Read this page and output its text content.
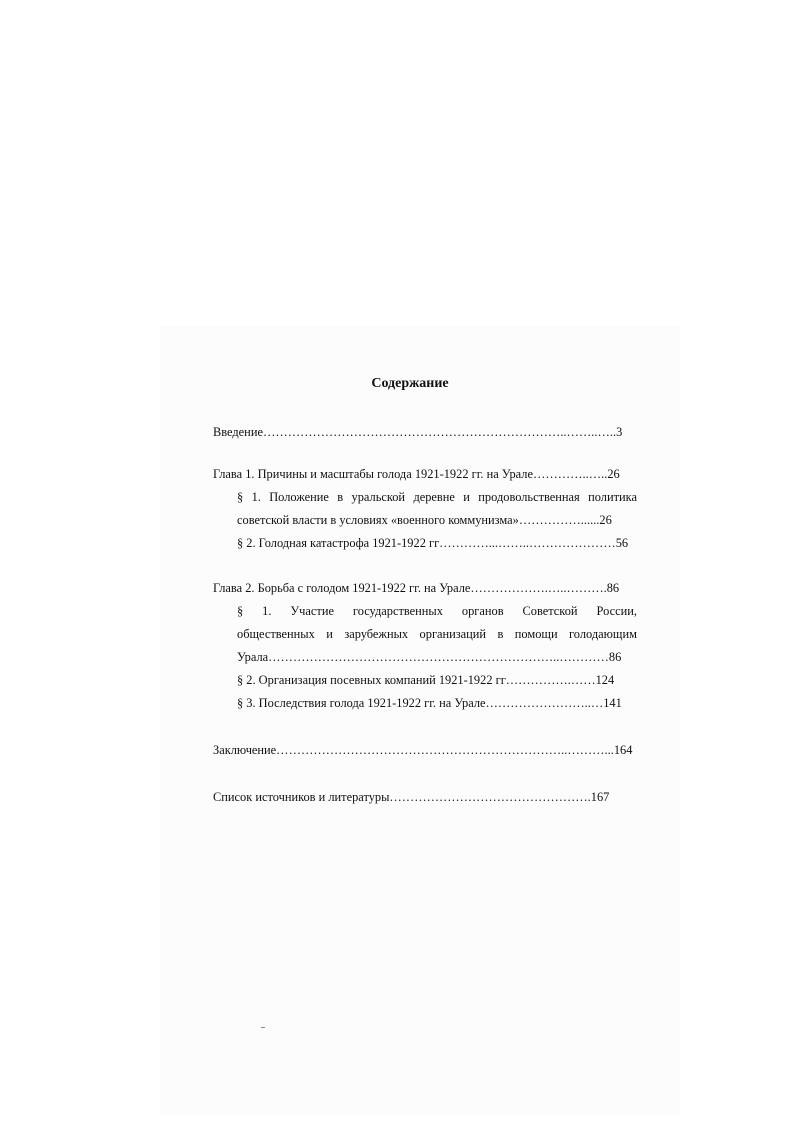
Содержание
Введение………………………………………………………………..……..…..3
Глава 1. Причины и масштабы голода 1921-1922 гг. на Урале…………..…..26
§ 1. Положение в уральской деревне и продовольственная политика
советской власти в условиях «военного коммунизма»……………......26
§ 2. Голодная катастрофа 1921-1922 гг…………...……..…………………56
Глава 2. Борьба с голодом 1921-1922 гг. на Урале……………….…..……….86
§ 1. Участие государственных органов Советской России,
общественных и зарубежных организаций в помощи голодающим
Урала……………………………………………………………..…………86
§ 2. Организация посевных компаний 1921-1922 гг…………….……124
§ 3. Последствия голода 1921-1922 гг. на Урале……………………..…141
Заключение……………………………………………………………..………...164
Список источников и литературы………………………………………….167
